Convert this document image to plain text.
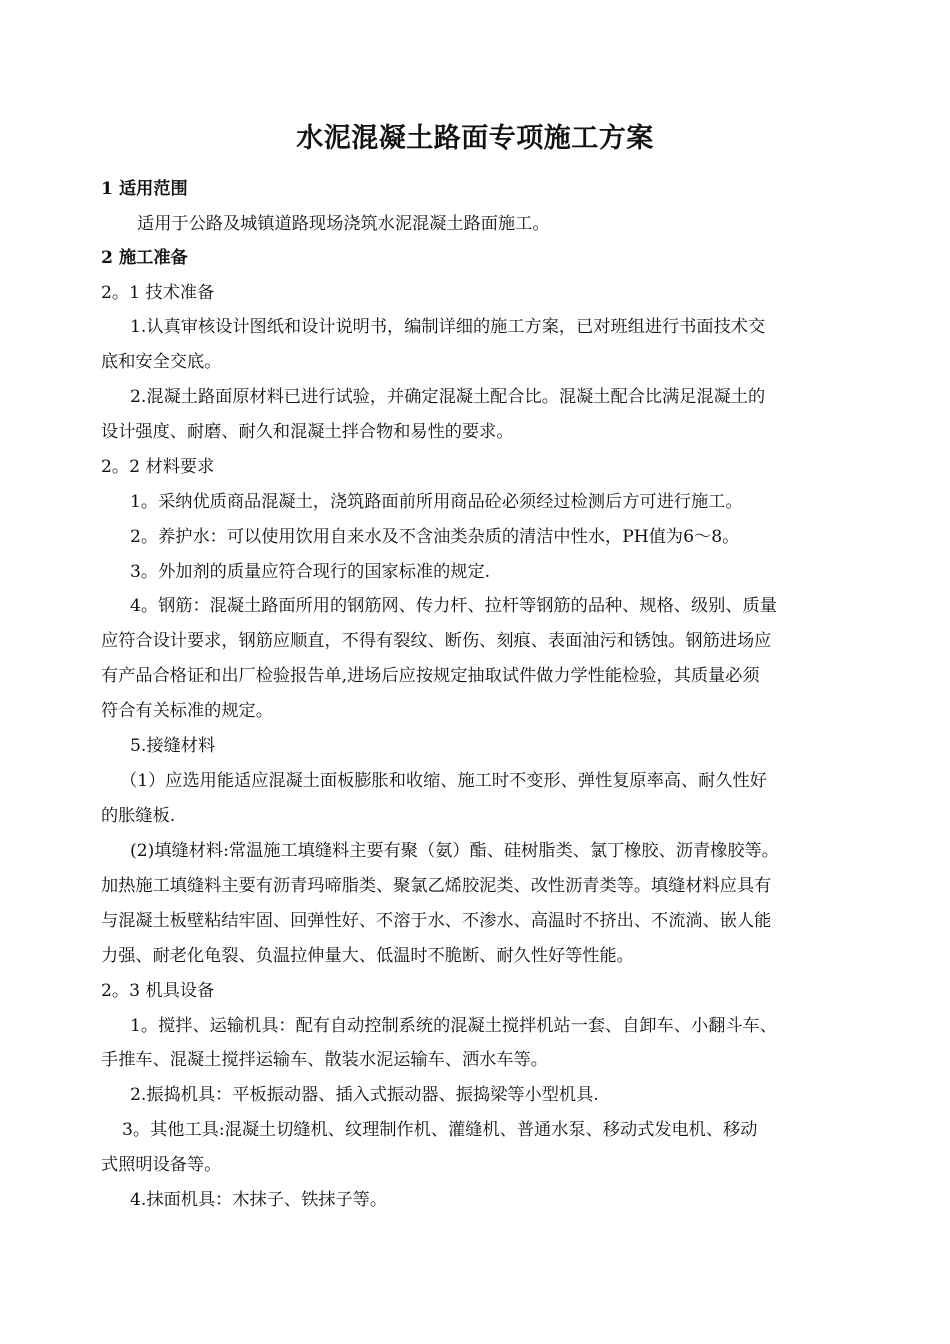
水泥混凝土路面专项施工方案
1 适用范围
适用于公路及城镇道路现场浇筑水泥混凝土路面施工。
2 施工准备
2。1 技术准备
1.认真审核设计图纸和设计说明书，编制详细的施工方案，已对班组进行书面技术交
底和安全交底。
2.混凝土路面原材料已进行试验，并确定混凝土配合比。混凝土配合比满足混凝土的
设计强度、耐磨、耐久和混凝土拌合物和易性的要求。
2。2 材料要求
1。采纳优质商品混凝土，浇筑路面前所用商品砼必须经过检测后方可进行施工。
2。养护水：可以使用饮用自来水及不含油类杂质的清洁中性水，PH值为6～8。
3。外加剂的质量应符合现行的国家标准的规定.
4。钢筋：混凝土路面所用的钢筋网、传力杆、拉杆等钢筋的品种、规格、级别、质量
应符合设计要求，钢筋应顺直，不得有裂纹、断伤、刻痕、表面油污和锈蚀。钢筋进场应
有产品合格证和出厂检验报告单,进场后应按规定抽取试件做力学性能检验，其质量必须
符合有关标准的规定。
5.接缝材料
（1）应选用能适应混凝土面板膨胀和收缩、施工时不变形、弹性复原率高、耐久性好
的胀缝板.
(2)填缝材料:常温施工填缝料主要有聚（氨）酯、硅树脂类、氯丁橡胶、沥青橡胶等。
加热施工填缝料主要有沥青玛啼脂类、聚氯乙烯胶泥类、改性沥青类等。填缝材料应具有
与混凝土板壁粘结牢固、回弹性好、不溶于水、不渗水、高温时不挤出、不流淌、嵌人能
力强、耐老化龟裂、负温拉伸量大、低温时不脆断、耐久性好等性能。
2。3 机具设备
1。搅拌、运输机具：配有自动控制系统的混凝土搅拌机站一套、自卸车、小翻斗车、
手推车、混凝土搅拌运输车、散装水泥运输车、洒水车等。
2.振捣机具：平板振动器、插入式振动器、振捣梁等小型机具.
3。其他工具:混凝土切缝机、纹理制作机、灌缝机、普通水泵、移动式发电机、移动
式照明设备等。
4.抹面机具：木抹子、铁抹子等。
